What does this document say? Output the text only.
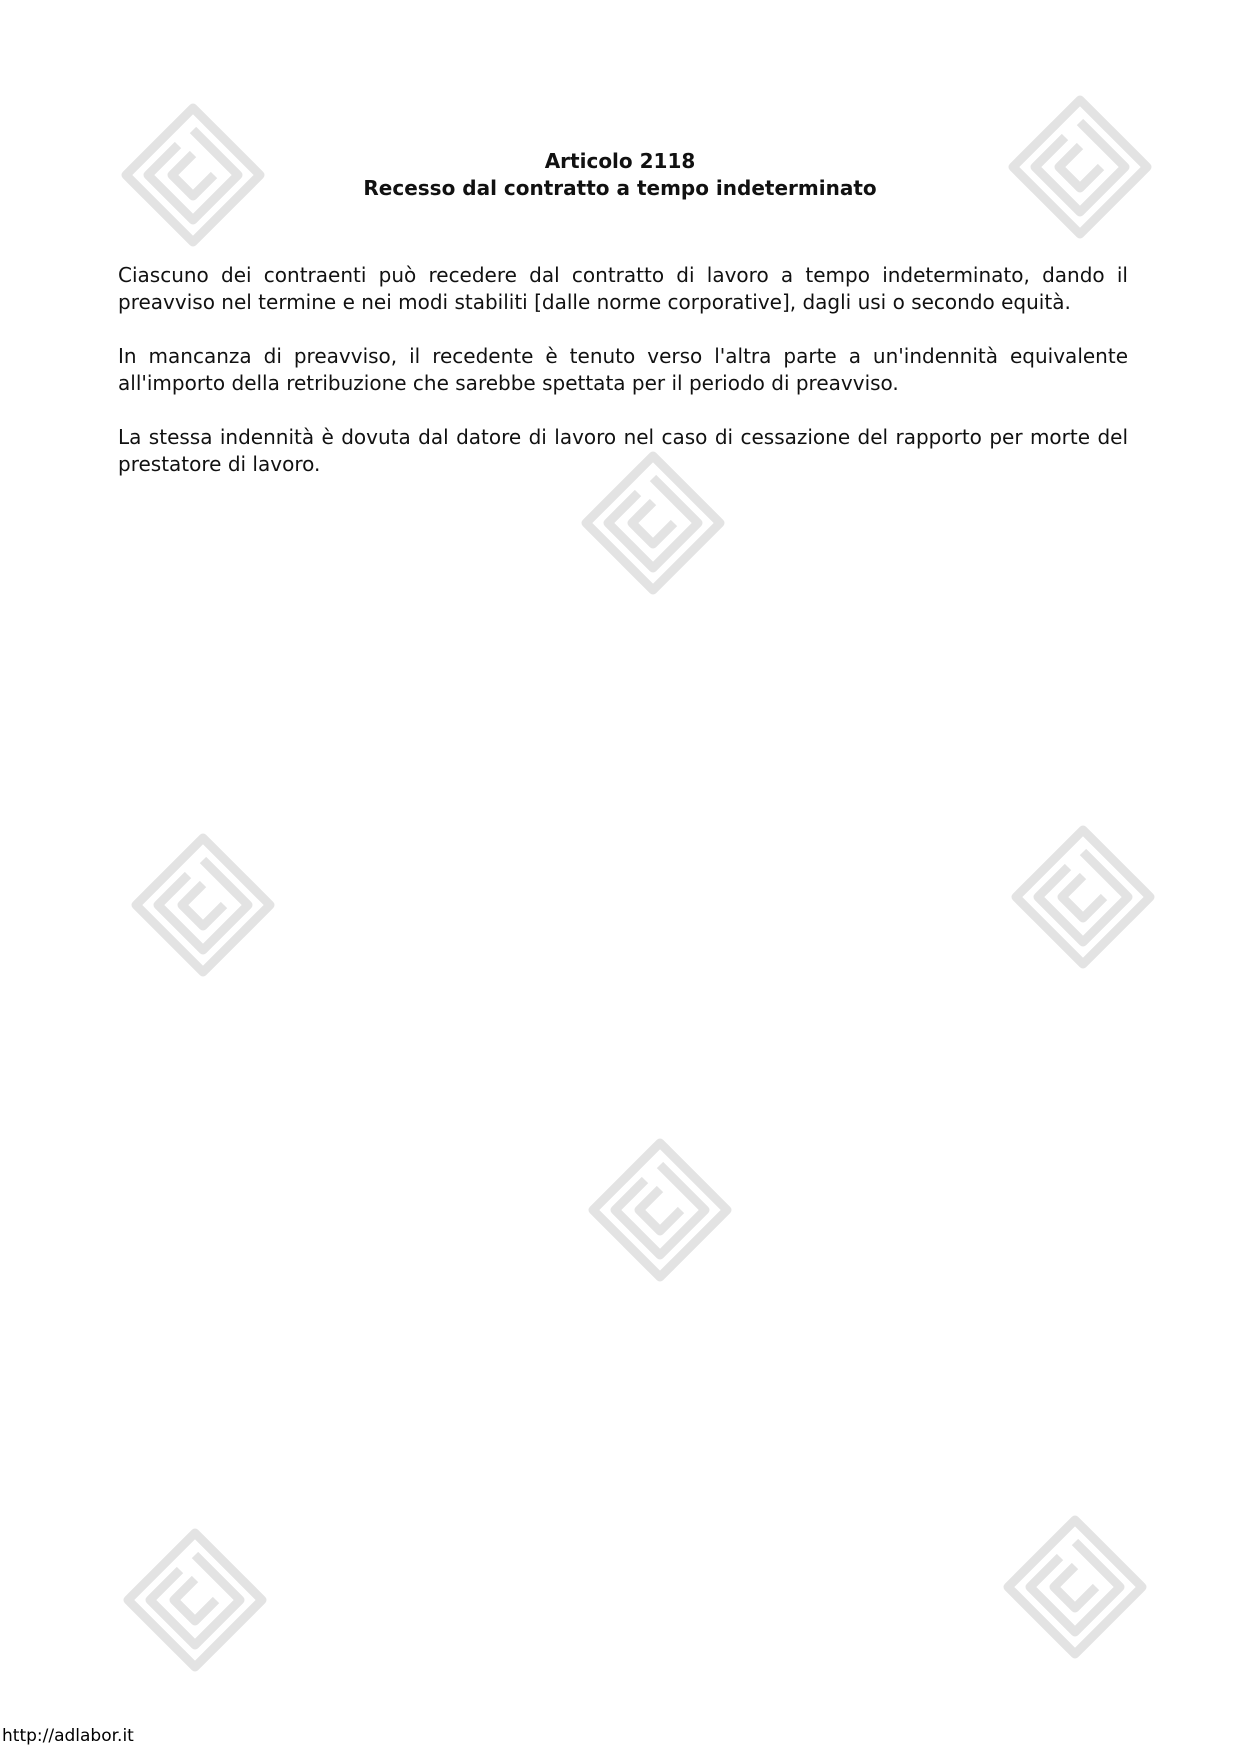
Articolo 2118
Recesso dal contratto a tempo indeterminato

Ciascuno dei contraenti può recedere dal contratto di lavoro a tempo indeterminato, dando il preavviso nel termine e nei modi stabiliti [dalle norme corporative], dagli usi o secondo equità.

In mancanza di preavviso, il recedente è tenuto verso l'altra parte a un'indennità equivalente all'importo della retribuzione che sarebbe spettata per il periodo di preavviso.

La stessa indennità è dovuta dal datore di lavoro nel caso di cessazione del rapporto per morte del prestatore di lavoro.

http://adlabor.it
